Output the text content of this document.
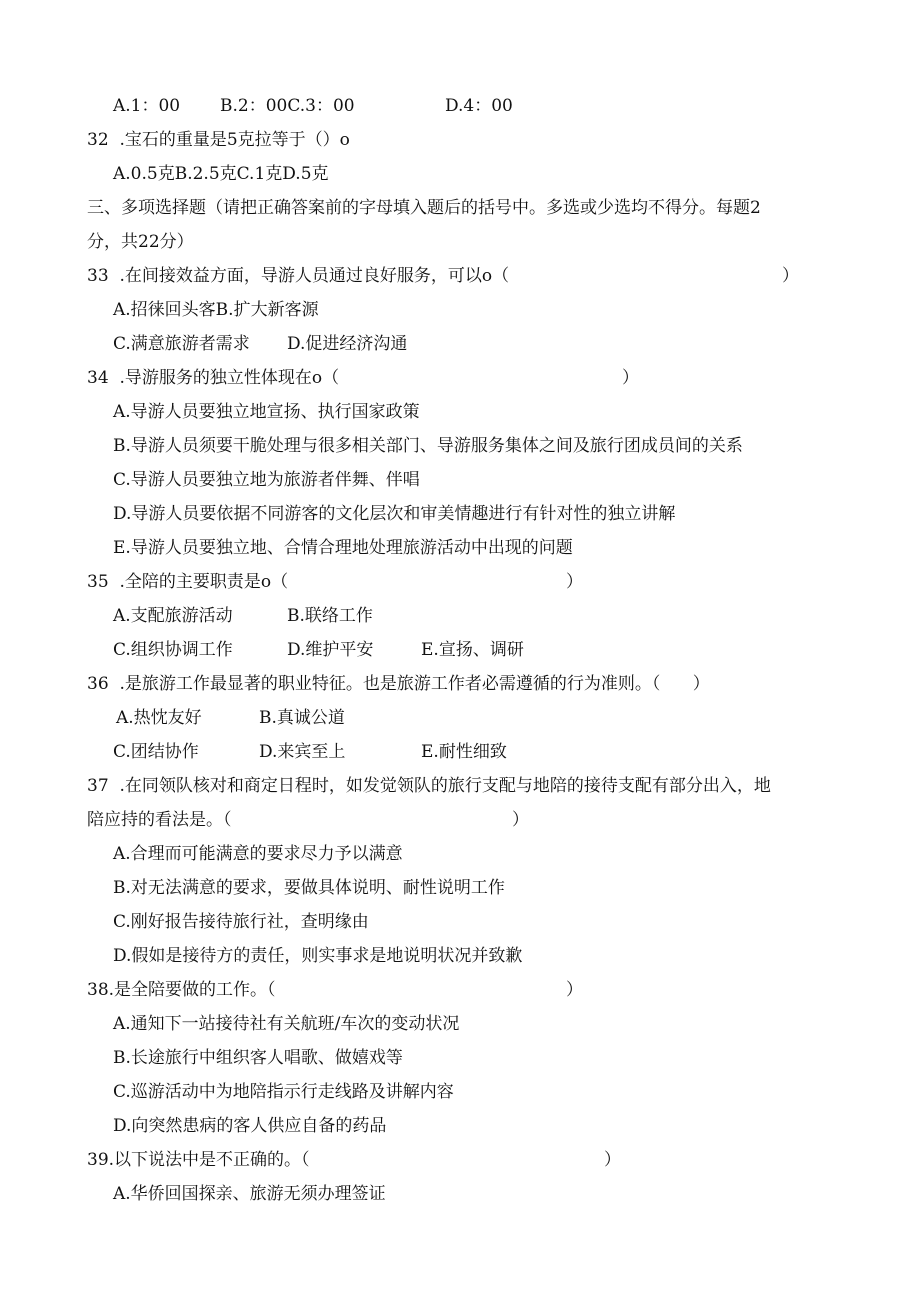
A.1：00 B.2：00C.3：00	D.4：00
32  .宝石的重量是5克拉等于（）o
A.0.5克B.2.5克C.1克D.5克
三、多项选择题（请把正确答案前的字母填入题后的括号中。多选或少选均不得分。每题2
分，共22分）
33  .在间接效益方面，导游人员通过良好服务，可以o（	）
A.招徕回头客B.扩大新客源
C.满意旅游者需求 D.促进经济沟通
34  .导游服务的独立性体现在o（	）
A.导游人员要独立地宣扬、执行国家政策
B.导游人员须要干脆处理与很多相关部门、导游服务集体之间及旅行团成员间的关系
C.导游人员要独立地为旅游者伴舞、伴唱
D.导游人员要依据不同游客的文化层次和审美情趣进行有针对性的独立讲解
E.导游人员要独立地、合情合理地处理旅游活动中出现的问题
35  .全陪的主要职责是o（	）
A.支配旅游活动	B.联络工作
C.组织协调工作	D.维护平安	E.宣扬、调研
36  .是旅游工作最显著的职业特征。也是旅游工作者必需遵循的行为准则。（      ）
A.热忱友好	B.真诚公道
C.团结协作	D.来宾至上	E.耐性细致
37  .在同领队核对和商定日程时，如发觉领队的旅行支配与地陪的接待支配有部分出入，地
陪应持的看法是。（	）
A.合理而可能满意的要求尽力予以满意
B.对无法满意的要求，要做具体说明、耐性说明工作
C.刚好报告接待旅行社，查明缘由
D.假如是接待方的责任，则实事求是地说明状况并致歉
38.是全陪要做的工作。（	）
A.通知下一站接待社有关航班/车次的变动状况
B.长途旅行中组织客人唱歌、做嬉戏等
C.巡游活动中为地陪指示行走线路及讲解内容
D.向突然患病的客人供应自备的药品
39.以下说法中是不正确的。（	）
A.华侨回国探亲、旅游无须办理签证
